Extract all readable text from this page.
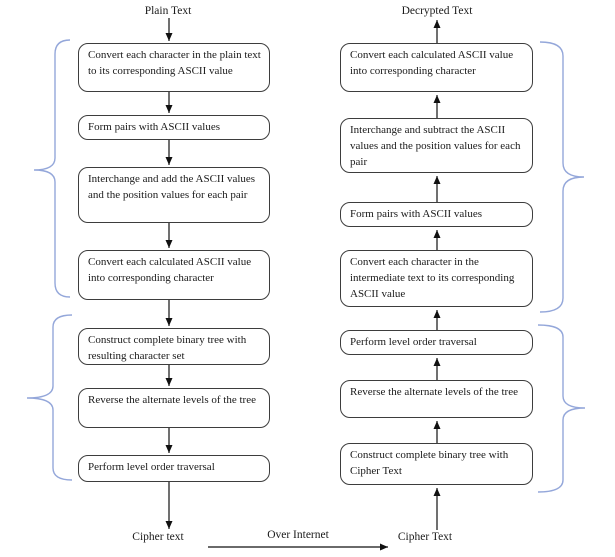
Plain Text	Decrypted Text
Cipher text	Cipher Text
Over Internet
Convert each character in the plain text to its corresponding ASCII value
Form pairs with ASCII values
Interchange and add the ASCII values and the position values for each pair
Convert each calculated ASCII value into corresponding character
Construct complete binary tree with resulting character set
Reverse the alternate levels of the tree
Perform level order traversal
Convert each calculated ASCII value into corresponding character
Interchange and subtract the ASCII values and the position values for each pair
Form pairs with ASCII values
Convert each character in the intermediate text to its corresponding ASCII value
Perform level order traversal
Reverse the alternate levels of the tree
Construct complete binary tree with Cipher Text
